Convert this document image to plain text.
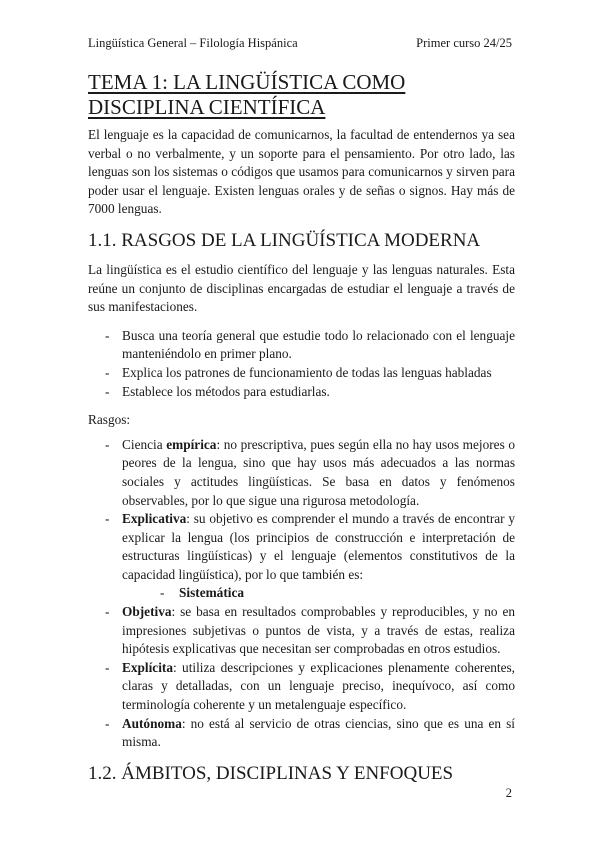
Lingüística General – Filología Hispánica	Primer curso 24/25
TEMA 1: LA LINGÜÍSTICA COMO DISCIPLINA CIENTÍFICA

El lenguaje es la capacidad de comunicarnos, la facultad de entendernos ya sea verbal o no verbalmente, y un soporte para el pensamiento. Por otro lado, las lenguas son los sistemas o códigos que usamos para comunicarnos y sirven para poder usar el lenguaje. Existen lenguas orales y de señas o signos. Hay más de 7000 lenguas.

1.1. RASGOS DE LA LINGÜÍSTICA MODERNA

La lingüística es el estudio científico del lenguaje y las lenguas naturales. Esta reúne un conjunto de disciplinas encargadas de estudiar el lenguaje a través de sus manifestaciones.

- Busca una teoría general que estudie todo lo relacionado con el lenguaje manteniéndolo en primer plano.
- Explica los patrones de funcionamiento de todas las lenguas habladas
- Establece los métodos para estudiarlas.

Rasgos:

- Ciencia empírica: no prescriptiva, pues según ella no hay usos mejores o peores de la lengua, sino que hay usos más adecuados a las normas sociales y actitudes lingüísticas. Se basa en datos y fenómenos observables, por lo que sigue una rigurosa metodología.
- Explicativa: su objetivo es comprender el mundo a través de encontrar y explicar la lengua (los principios de construcción e interpretación de estructuras lingüísticas) y el lenguaje (elementos constitutivos de la capacidad lingüística), por lo que también es:
- Sistemática
- Objetiva: se basa en resultados comprobables y reproducibles, y no en impresiones subjetivas o puntos de vista, y a través de estas, realiza hipótesis explicativas que necesitan ser comprobadas en otros estudios.
- Explícita: utiliza descripciones y explicaciones plenamente coherentes, claras y detalladas, con un lenguaje preciso, inequívoco, así como terminología coherente y un metalenguaje específico.
- Autónoma: no está al servicio de otras ciencias, sino que es una en sí misma.
1.2. ÁMBITOS, DISCIPLINAS Y ENFOQUES
2
